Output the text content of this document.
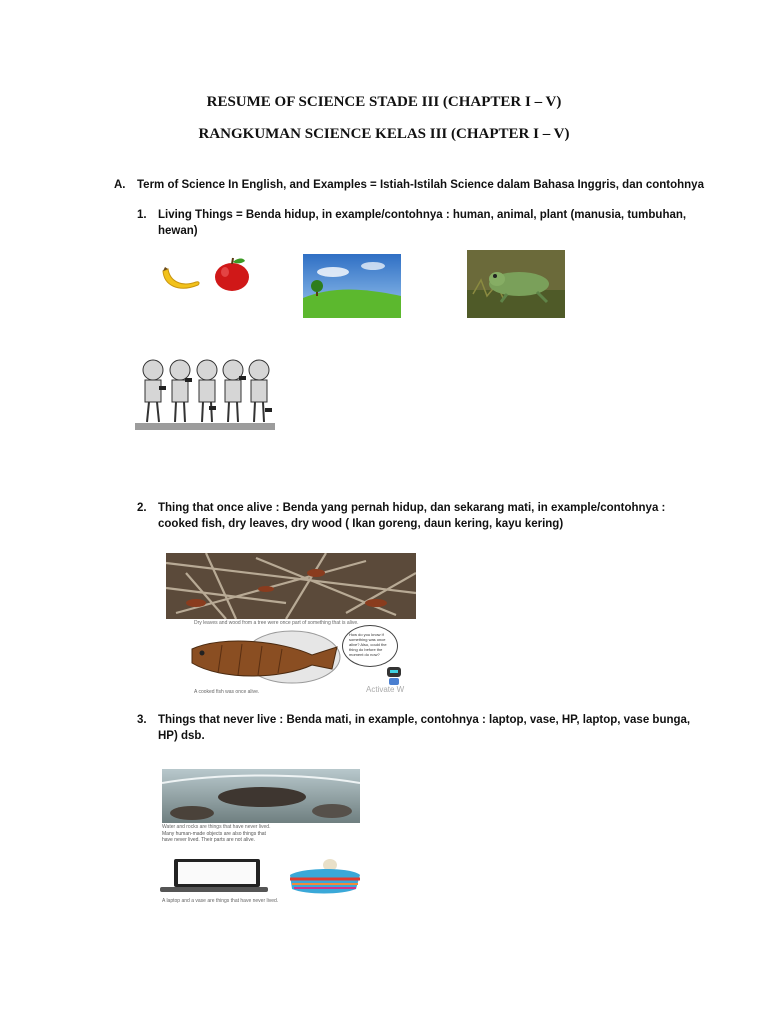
RESUME OF SCIENCE STADE III (CHAPTER I – V)
RANGKUMAN SCIENCE KELAS III (CHAPTER I – V)
A. Term of Science In English, and Examples = Istiah-Istilah Science dalam Bahasa Inggris, dan contohnya

1. Living Things = Benda hidup, in example/contohnya : human, animal, plant (manusia, tumbuhan,

hewan)

2. Thing that once alive : Benda yang pernah hidup, dan sekarang mati, in example/contohnya :

cooked fish, dry leaves, dry wood ( Ikan goreng, daun kering, kayu kering)

Dry leaves and wood from a tree were once part of something that is alive.
A cooked fish was once alive.
How do you know if something was once alive? Also, could the thing do before the moment do now?
Activate W
3. Things that never live : Benda mati, in example, contohnya : laptop, vase, HP, laptop, vase bunga,

HP) dsb.

Water and rocks are things that have never lived.
Many human-made objects are also things that have never lived. Their parts are not alive.
A laptop and a vase are things that have never lived.
